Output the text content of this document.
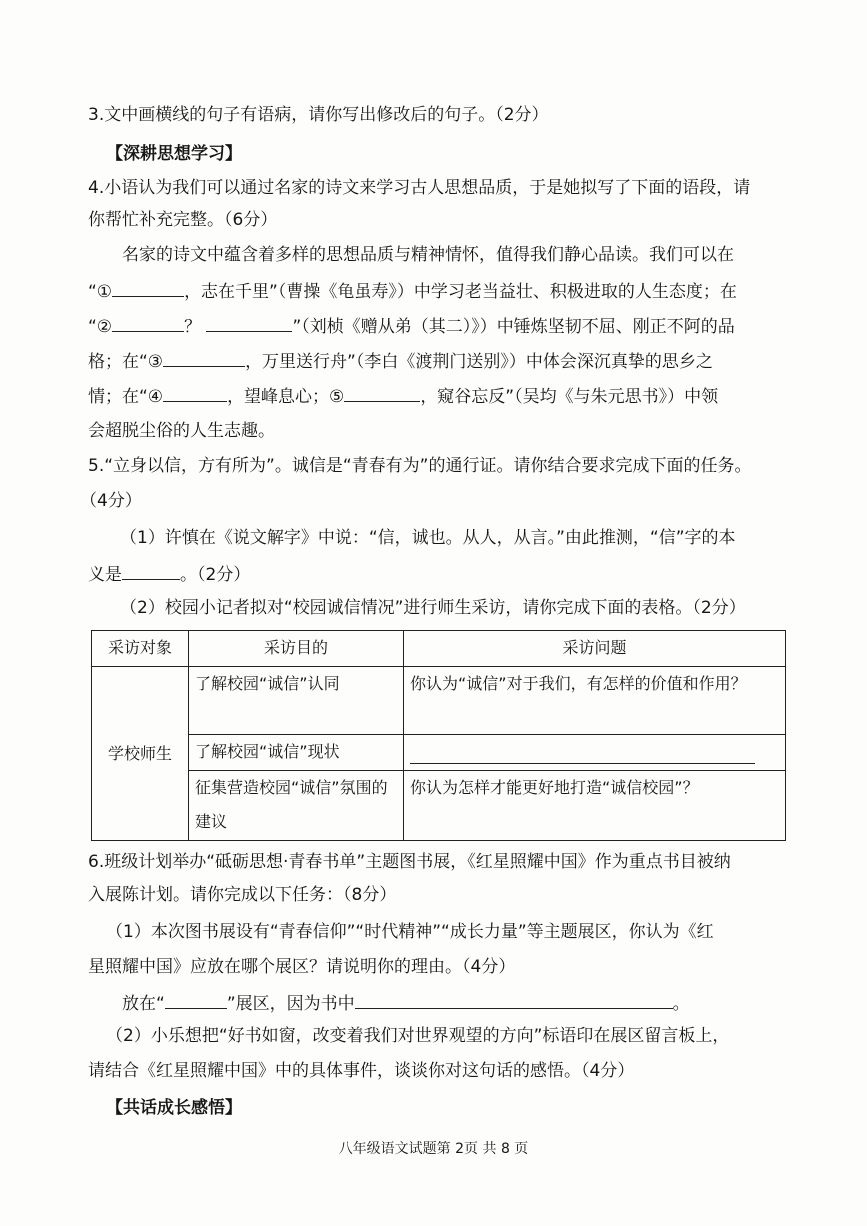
3.文中画横线的句子有语病，请你写出修改后的句子。（2分）
【深耕思想学习】
4.小语认为我们可以通过名家的诗文来学习古人思想品质，于是她拟写了下面的语段，请
你帮忙补充完整。（6分）
名家的诗文中蕴含着多样的思想品质与精神情怀，值得我们静心品读。我们可以在
“①	，志在千里”（曹操《龟虽寿》）中学习老当益壮、积极进取的人生态度；在
“②	？	”（刘桢《赠从弟（其二）》）中锤炼坚韧不屈、刚正不阿的品
格；在“③	，万里送行舟”（李白《渡荆门送别》）中体会深沉真挚的思乡之
情；在“④	，望峰息心；⑤	，窥谷忘反”（吴均《与朱元思书》）中领
会超脱尘俗的人生志趣。
5.“立身以信，方有所为”。诚信是“青春有为”的通行证。请你结合要求完成下面的任务。
（4分）
（1）许慎在《说文解字》中说：“信，诚也。从人，从言。”由此推测，“信”字的本
义是	。（2分）
（2）校园小记者拟对“校园诚信情况”进行师生采访，请你完成下面的表格。（2分）
采访对象	采访目的	采访问题
学校师生	了解校园“诚信”认同	你认为“诚信”对于我们，有怎样的价值和作用？
	了解校园“诚信”现状	

	征集营造校园“诚信”氛围的建议	你认为怎样才能更好地打造“诚信校园”？
6.班级计划举办“砥砺思想·青春书单”主题图书展，《红星照耀中国》作为重点书目被纳
入展陈计划。请你完成以下任务：（8分）
（1）本次图书展设有“青春信仰”“时代精神”“成长力量”等主题展区，你认为《红
星照耀中国》应放在哪个展区？请说明你的理由。（4分）
放在“	”展区，因为书中	。
（2）小乐想把“好书如窗，改变着我们对世界观望的方向”标语印在展区留言板上，
请结合《红星照耀中国》中的具体事件，谈谈你对这句话的感悟。（4分）
【共话成长感悟】
八年级语文试题第 2页 共 8 页
